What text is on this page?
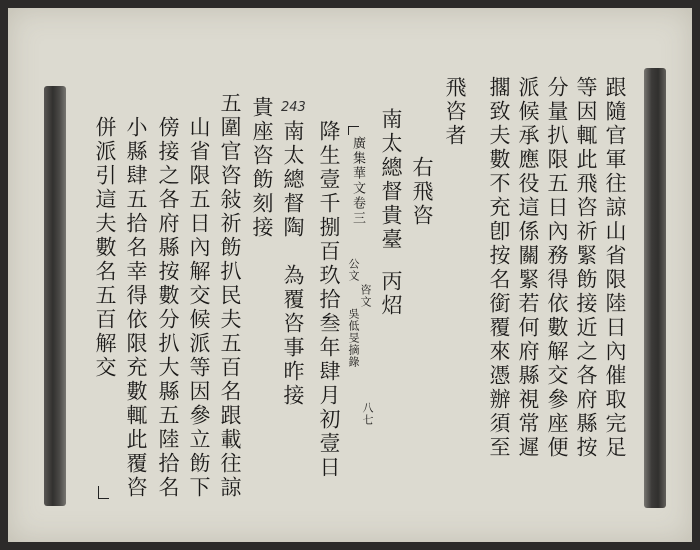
跟隨官軍往諒山省限陸日內催取完足
等因輒此飛咨祈緊飭接近之各府縣按
分量扒限五日內務得依數解交參座便
派候承應役這係關緊若何府縣視常遲
擱致夫數不充卽按名銜覆來憑辦須至
飛咨者
右飛咨
南太總督貴臺
丙炤
廣集華文卷三
公文
咨文
吳低旻摘錄
八七
243
降生壹千捌百玖拾叁年肆月初壹日
南太總督陶　為覆咨事昨接
貴座咨飭刻接
五圍官咨敍祈飭扒民夫五百名跟載往諒
山省限五日內解交候派等因參立飭下
傍接之各府縣按數分扒大縣五陸拾名
小縣肆五拾名幸得依限充數輒此覆咨
併派引這夫數名五百解交
